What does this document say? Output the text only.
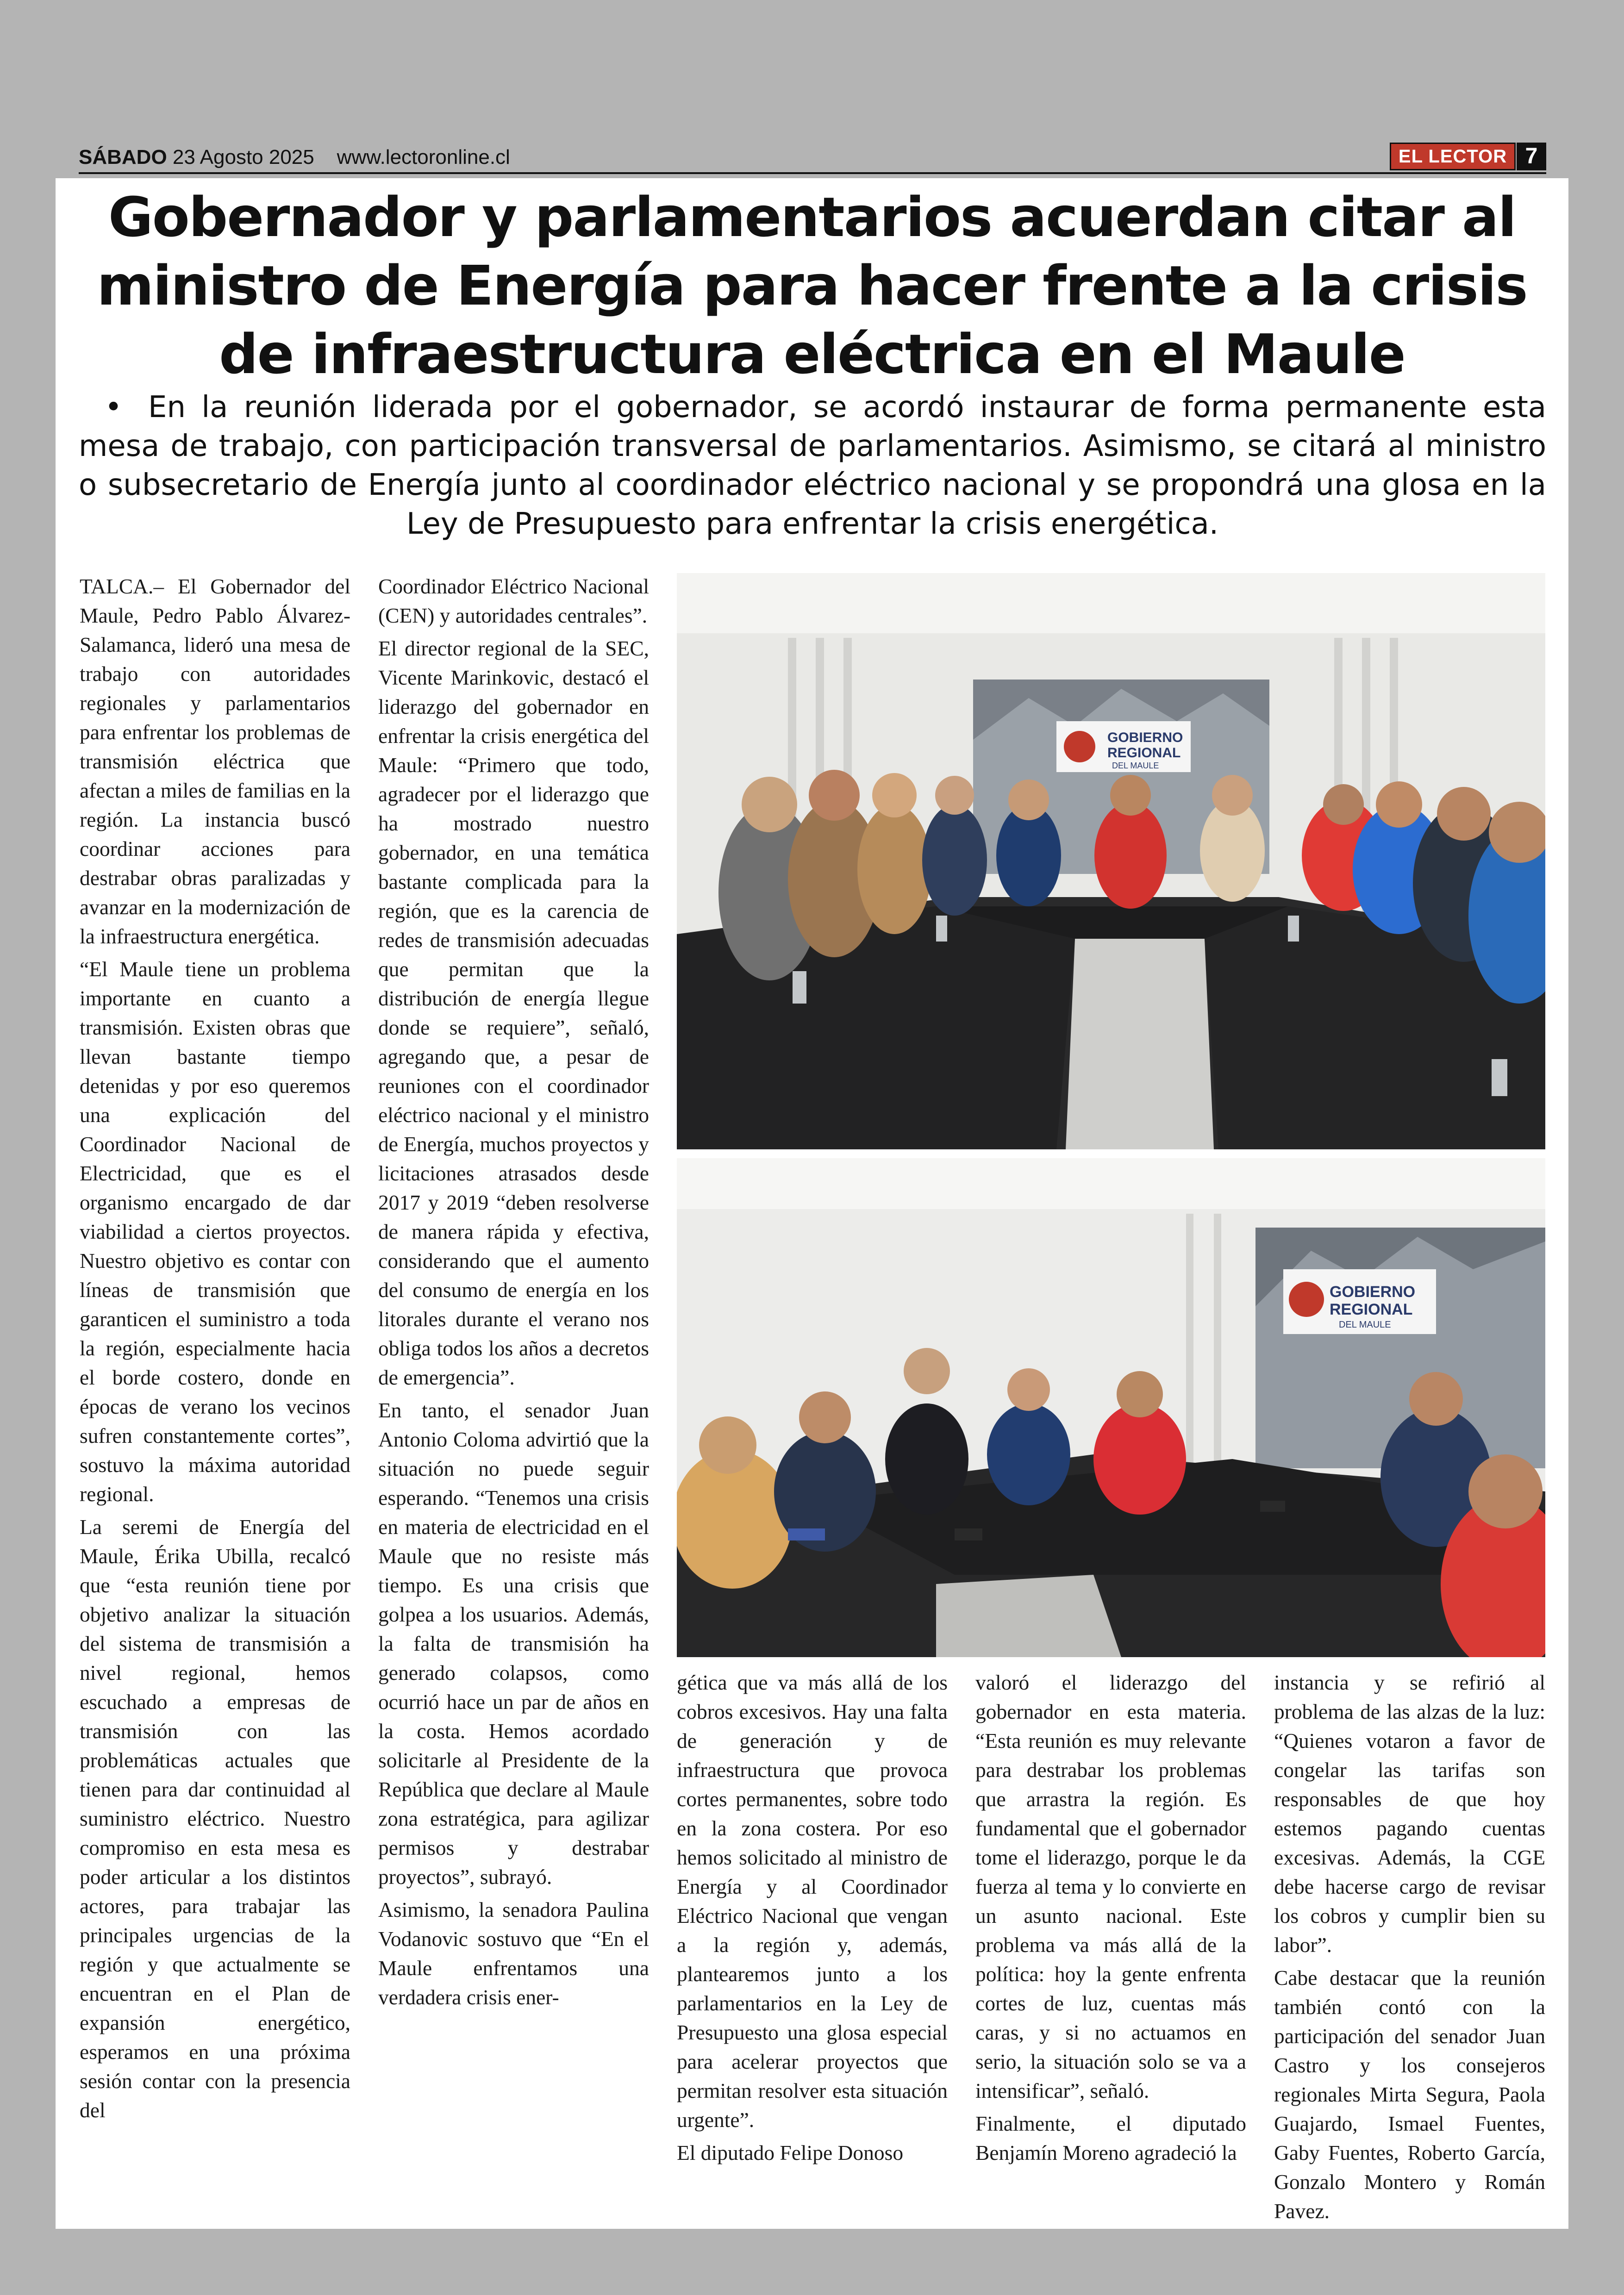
SÁBADO 23 Agosto 2025 www.lectoronline.cl	EL LECTOR 7
Gobernador y parlamentarios acuerdan citar al ministro de Energía para hacer frente a la crisis de infraestructura eléctrica en el Maule
• En la reunión liderada por el gobernador, se acordó instaurar de forma permanente esta mesa de trabajo, con participación transversal de parlamentarios. Asimismo, se citará al ministro o subsecretario de Energía junto al coordinador eléctrico nacional y se propondrá una glosa en la Ley de Presupuesto para enfrentar la crisis energética.

TALCA.– El Gobernador del Maule, Pedro Pablo Álvarez-Salamanca, lideró una mesa de trabajo con autoridades regionales y parlamentarios para enfrentar los problemas de transmisión eléctrica que afectan a miles de familias en la región. La instancia buscó coordinar acciones para destrabar obras paralizadas y avanzar en la modernización de la infraestructura energética.

“El Maule tiene un problema importante en cuanto a transmisión. Existen obras que llevan bastante tiempo detenidas y por eso queremos una explicación del Coordinador Nacional de Electricidad, que es el organismo encargado de dar viabilidad a ciertos proyectos. Nuestro objetivo es contar con líneas de transmisión que garanticen el suministro a toda la región, especialmente hacia el borde costero, donde en épocas de verano los vecinos sufren constantemente cortes”, sostuvo la máxima autoridad regional.

La seremi de Energía del Maule, Érika Ubilla, recalcó que “esta reunión tiene por objetivo analizar la situación del sistema de transmisión a nivel regional, hemos escuchado a empresas de transmisión con las problemáticas actuales que tienen para dar continuidad al suministro eléctrico. Nuestro compromiso en esta mesa es poder articular a los distintos actores, para trabajar las principales urgencias de la región y que actualmente se encuentran en el Plan de expansión energético, esperamos en una próxima sesión contar con la presencia del

Coordinador Eléctrico Nacional (CEN) y autoridades centrales”.

El director regional de la SEC, Vicente Marinkovic, destacó el liderazgo del gobernador en enfrentar la crisis energética del Maule: “Primero que todo, agradecer por el liderazgo que ha mostrado nuestro gobernador, en una temática bastante complicada para la región, que es la carencia de redes de transmisión adecuadas que permitan que la distribución de energía llegue donde se requiere”, señaló, agregando que, a pesar de reuniones con el coordinador eléctrico nacional y el ministro de Energía, muchos proyectos y licitaciones atrasados desde 2017 y 2019 “deben resolverse de manera rápida y efectiva, considerando que el aumento del consumo de energía en los litorales durante el verano nos obliga todos los años a decretos de emergencia”.

En tanto, el senador Juan Antonio Coloma advirtió que la situación no puede seguir esperando. “Tenemos una crisis en materia de electricidad en el Maule que no resiste más tiempo. Es una crisis que golpea a los usuarios. Además, la falta de transmisión ha generado colapsos, como ocurrió hace un par de años en la costa. Hemos acordado solicitarle al Presidente de la República que declare al Maule zona estratégica, para agilizar permisos y destrabar proyectos”, subrayó.

Asimismo, la senadora Paulina Vodanovic sostuvo que “En el Maule enfrentamos una verdadera crisis ener-

GOBIERNO
REGIONAL
DEL MAULE
GOBIERNO
REGIONAL
DEL MAULE

gética que va más allá de los cobros excesivos. Hay una falta de generación y de infraestructura que provoca cortes permanentes, sobre todo en la zona costera. Por eso hemos solicitado al ministro de Energía y al Coordinador Eléctrico Nacional que vengan a la región y, además, plantearemos junto a los parlamentarios en la Ley de Presupuesto una glosa especial para acelerar proyectos que permitan resolver esta situación urgente”.

El diputado Felipe Donoso

valoró el liderazgo del gobernador en esta materia. “Esta reunión es muy relevante para destrabar los problemas que arrastra la región. Es fundamental que el gobernador tome el liderazgo, porque le da fuerza al tema y lo convierte en un asunto nacional. Este problema va más allá de la política: hoy la gente enfrenta cortes de luz, cuentas más caras, y si no actuamos en serio, la situación solo se va a intensificar”, señaló.

Finalmente, el diputado Benjamín Moreno agradeció la

instancia y se refirió al problema de las alzas de la luz: “Quienes votaron a favor de congelar las tarifas son responsables de que hoy estemos pagando cuentas excesivas. Además, la CGE debe hacerse cargo de revisar los cobros y cumplir bien su labor”.

Cabe destacar que la reunión también contó con la participación del senador Juan Castro y los consejeros regionales Mirta Segura, Paola Guajardo, Ismael Fuentes, Gaby Fuentes, Roberto García, Gonzalo Montero y Román Pavez.
